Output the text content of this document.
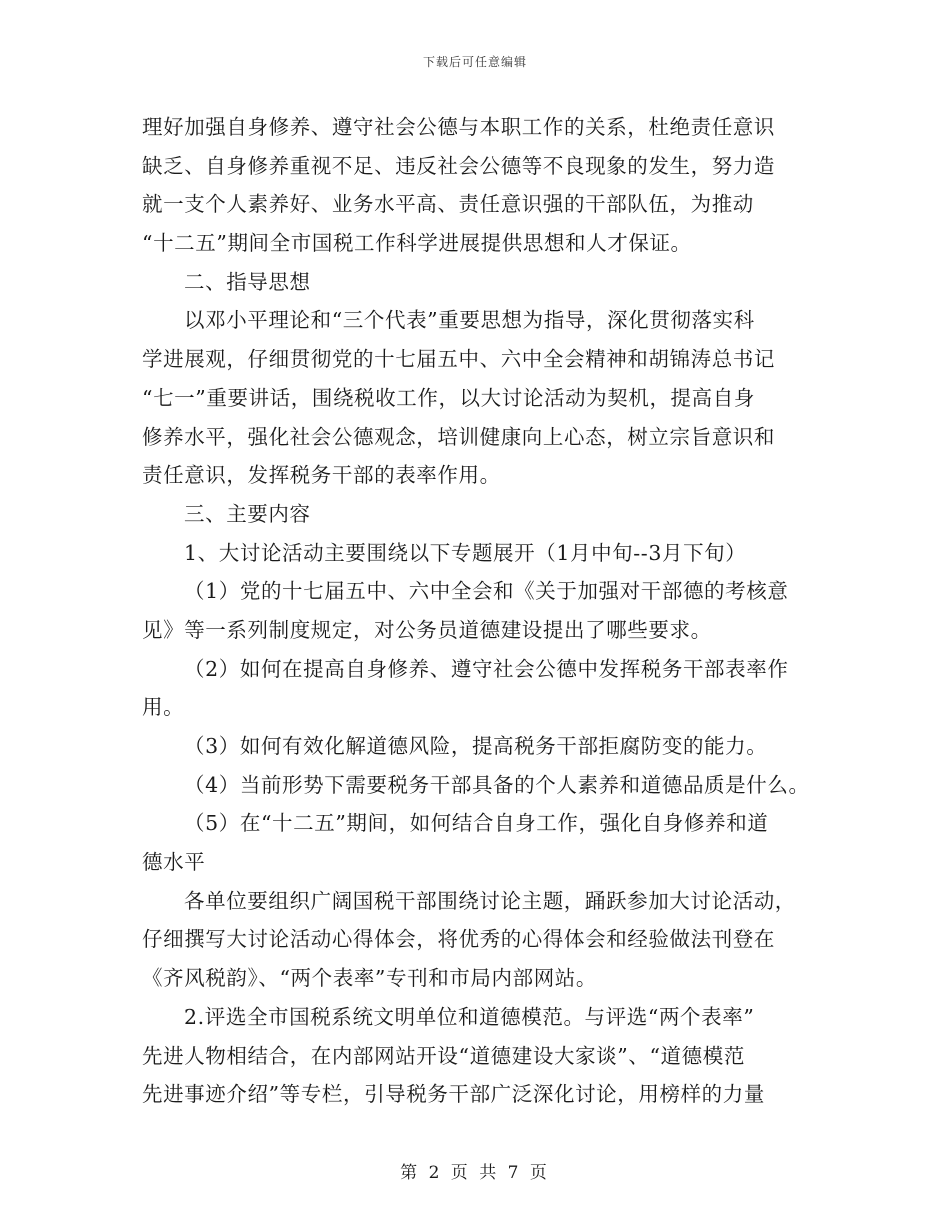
下载后可任意编辑
理好加强自身修养、遵守社会公德与本职工作的关系，杜绝责任意识
缺乏、自身修养重视不足、违反社会公德等不良现象的发生，努力造
就一支个人素养好、业务水平高、责任意识强的干部队伍，为推动
“十二五”期间全市国税工作科学进展提供思想和人才保证。
二、指导思想
以邓小平理论和“三个代表”重要思想为指导，深化贯彻落实科
学进展观，仔细贯彻党的十七届五中、六中全会精神和胡锦涛总书记
“七一”重要讲话，围绕税收工作，以大讨论活动为契机，提高自身
修养水平，强化社会公德观念，培训健康向上心态，树立宗旨意识和
责任意识，发挥税务干部的表率作用。
三、主要内容
1、大讨论活动主要围绕以下专题展开（1月中旬--3月下旬）
（1）党的十七届五中、六中全会和《关于加强对干部德的考核意
见》等一系列制度规定，对公务员道德建设提出了哪些要求。
（2）如何在提高自身修养、遵守社会公德中发挥税务干部表率作
用。
（3）如何有效化解道德风险，提高税务干部拒腐防变的能力。
（4）当前形势下需要税务干部具备的个人素养和道德品质是什么。
（5）在“十二五”期间，如何结合自身工作，强化自身修养和道
德水平
各单位要组织广阔国税干部围绕讨论主题，踊跃参加大讨论活动，
仔细撰写大讨论活动心得体会，将优秀的心得体会和经验做法刊登在
《齐风税韵》、“两个表率”专刊和市局内部网站。
2.评选全市国税系统文明单位和道德模范。与评选“两个表率”
先进人物相结合，在内部网站开设“道德建设大家谈”、“道德模范
先进事迹介绍”等专栏，引导税务干部广泛深化讨论，用榜样的力量
第 2 页 共 7 页
